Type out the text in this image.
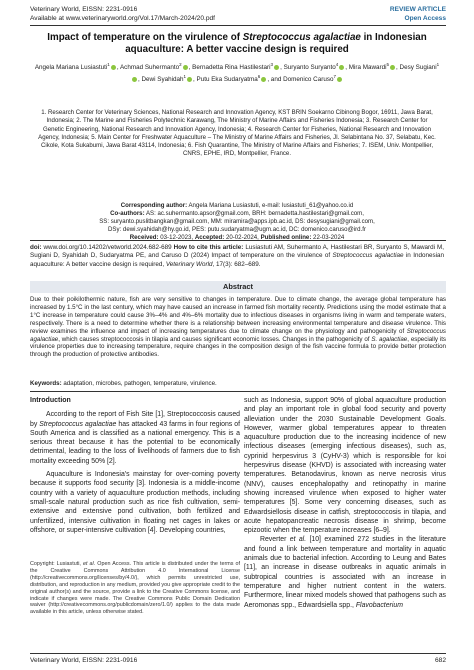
Veterinary World, EISSN: 2231-0916
Available at www.veterinaryworld.org/Vol.17/March-2024/20.pdf
REVIEW ARTICLE
Open Access
Impact of temperature on the virulence of Streptococcus agalactiae in Indonesian aquaculture: A better vaccine design is required
Angela Mariana Lusiastuti$^1$ , Achmad Suhermanto$^2$ , Bernadetta Rina Hastilestari$^3$ , Suryanto Suryanto$^4$ , Mira Mawardi$^5$ , Desy Sugiani$^1$, Dewi Syahidah$^1$ , Putu Eka Sudaryatma$^6$ , and Domenico Caruso$^7$
1. Research Center for Veterinary Sciences, National Research and Innovation Agency, KST BRIN Soekarno Cibinong Bogor, 16911, Jawa Barat, Indonesia; 2. The Marine and Fisheries Polytechnic Karawang, The Ministry of Marine Affairs and Fisheries Indonesia; 3. Research Center for Genetic Engineering, National Research and Innovation Agency, Indonesia; 4. Research Center for Fisheries, National Research and Innovation Agency, Indonesia; 5. Main Center for Freshwater Aquaculture – The Ministry of Marine Affairs and Fisheries, Jl. Selabintana No. 37, Selabatu, Kec. Cikole, Kota Sukabumi, Jawa Barat 43114, Indonesia; 6. Fish Quarantine, The Ministry of Marine Affairs and Fisheries; 7. ISEM, Univ. Montpellier, CNRS, EPHE, IRD, Montpellier, France.
Corresponding author: Angela Mariana Lusiastuti, e-mail: lusiastuti_61@yahoo.co.id
Co-authors: AS: ac.suhermanto.apsor@gmail.com, BRH: bernadetta.hastilestari@gmail.com,
SS: suryanto.puslitbangkan@gmail.com, MM: miramira@apps.ipb.ac.id, DS: desysugiani@gmail.com,
DSy: dewi.syahidah@hy.go.id, PES: putu.sudaryatma@ugm.ac.id, DC: domenico.caruso@ird.fr
Received: 03-12-2023, Accepted: 20-02-2024, Published online: 22-03-2024
doi: www.doi.org/10.14202/vetworld.2024.682-689 How to cite this article: Lusiastuti AM, Suhermanto A, Hastilestari BR, Suryanto S, Mawardi M, Sugiani D, Syahidah D, Sudaryatma PE, and Caruso D (2024) Impact of temperature on the virulence of Streptococcus agalactiae in Indonesian aquaculture: A better vaccine design is required, Veterinary World, 17(3): 682–689.
Abstract
Due to their poikilothermic nature, fish are very sensitive to changes in temperature. Due to climate change, the average global temperature has increased by 1.5°C in the last century, which may have caused an increase in farmed fish mortality recently. Predictions using the model estimate that a 1°C increase in temperature could cause 3%–4% and 4%–6% mortality due to infectious diseases in organisms living in warm and temperate waters, respectively. There is a need to determine whether there is a relationship between increasing environmental temperature and disease virulence. This review examines the influence and impact of increasing temperatures due to climate change on the physiology and pathogenicity of Streptococcus agalactiae, which causes streptococcosis in tilapia and causes significant economic losses. Changes in the pathogenicity of S. agalactiae, especially its virulence properties due to increasing temperature, require changes in the composition design of the fish vaccine formula to provide better protection through the production of protective antibodies.
Keywords: adaptation, microbes, pathogen, temperature, virulence.

Introduction

According to the report of Fish Site [1], Streptococcosis caused by Streptococcus agalactiae has attacked 43 farms in four regions of South America and is classified as a national emergency. This is a serious threat because it has the potential to be economically detrimental, leading to the loss of livelihoods of farmers due to fish mortality exceeding 50% [2].

Aquaculture is Indonesia's mainstay for over-coming poverty because it supports food security [3]. Indonesia is a middle-income country with a variety of aquaculture production methods, including small-scale natural production such as rice fish cultivation, semi-extensive and extensive pond cultivation, both fertilized and unfertilized, intensive cultivation in floating net cages in lakes or offshore, or super-intensive cultivation [4]. Developing countries,

such as Indonesia, support 90% of global aquaculture production and play an important role in global food security and poverty alleviation under the 2030 Sustainable Development Goals. However, warmer global temperatures appear to threaten aquaculture production due to the increasing incidence of new infectious diseases (emerging infectious diseases), such as, cyprinid herpesvirus 3 (CyHV-3) which is responsible for koi herpesvirus disease (KHVD) is associated with increasing water temperatures. Betanodavirus, known as nerve necrosis virus (NNV), causes encephalopathy and retinopathy in marine showing increased virulence when exposed to higher water temperatures [5]. Some very concerning diseases, such as Edwardsiellosis disease in catfish, streptococcosis in tilapia, and acute hepatopancreatic necrosis disease in shrimp, become epizootic when the temperature increases [6–9].

Reverter et al. [10] examined 272 studies in the literature and found a link between temperature and mortality in aquatic animals due to bacterial infection. According to Leung and Bates [11], an increase in disease outbreaks in aquatic animals in subtropical countries is associated with an increase in temperature and higher nutrient content in the waters. Furthermore, linear mixed models showed that pathogens such as Aeromonas spp., Edwardsiella spp., Flavobacterium

Copyright: Lusiastuti, et al. Open Access. This article is distributed under the terms of the Creative Commons Attribution 4.0 International License (http://creativecommons.org/licenses/by/4.0/), which permits unrestricted use, distribution, and reproduction in any medium, provided you give appropriate credit to the original author(s) and the source, provide a link to the Creative Commons license, and indicate if changes were made. The Creative Commons Public Domain Dedication waiver (http://creativecommons.org/publicdomain/zero/1.0/) applies to the data made available in this article, unless otherwise stated.
Veterinary World, EISSN: 2231-0916	682
